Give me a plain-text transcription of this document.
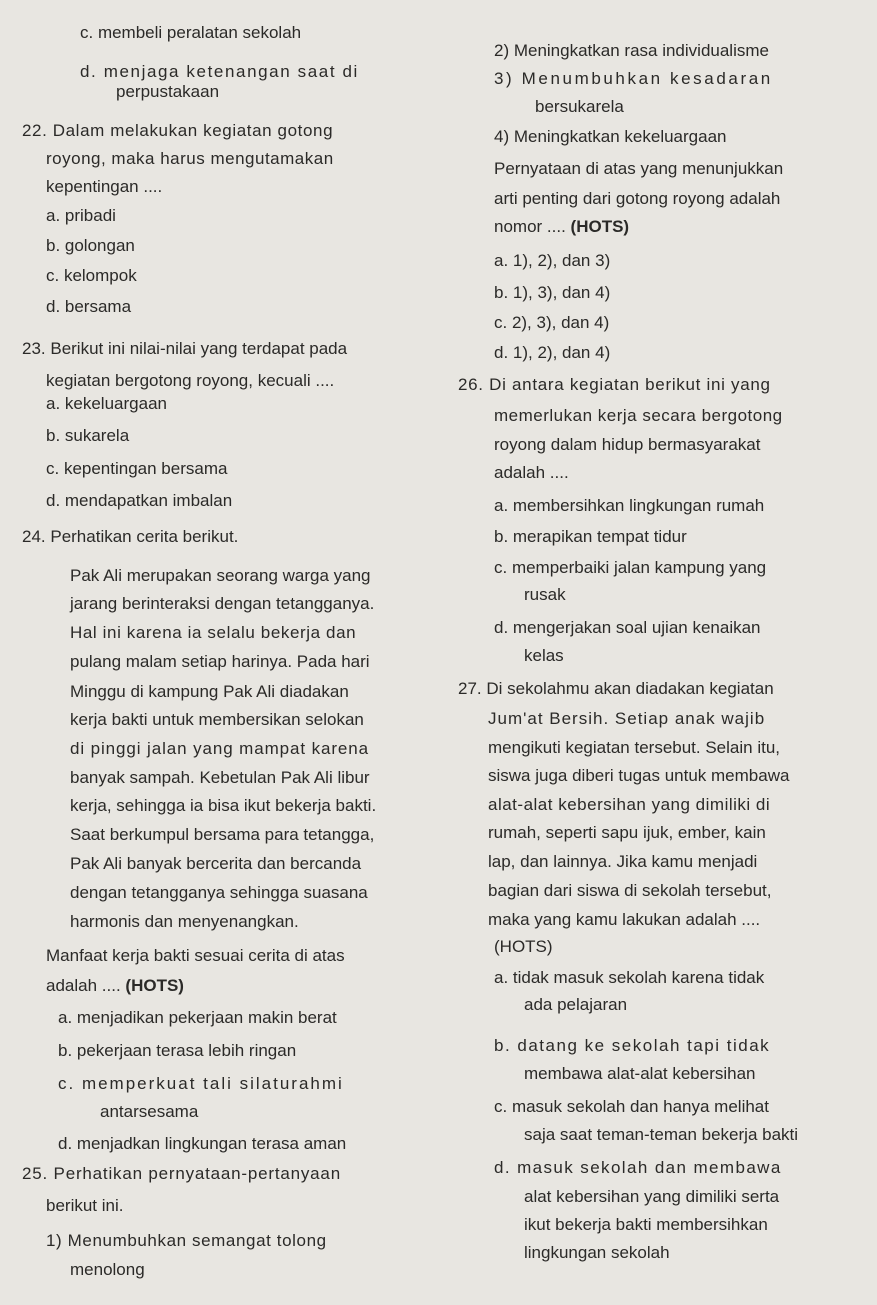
c. membeli peralatan sekolah
d. menjaga ketenangan saat di
perpustakaan
22. Dalam melakukan kegiatan gotong
royong, maka harus mengutamakan
kepentingan ....
a. pribadi
b. golongan
c. kelompok
d. bersama
23. Berikut ini nilai-nilai yang terdapat pada
kegiatan bergotong royong, kecuali ....
a. kekeluargaan
b. sukarela
c. kepentingan bersama
d. mendapatkan imbalan
24. Perhatikan cerita berikut.
Pak Ali merupakan seorang warga yang
jarang berinteraksi dengan tetangganya.
Hal ini karena ia selalu bekerja dan
pulang malam setiap harinya. Pada hari
Minggu di kampung Pak Ali diadakan
kerja bakti untuk membersikan selokan
di pinggi jalan yang mampat karena
banyak sampah. Kebetulan Pak Ali libur
kerja, sehingga ia bisa ikut bekerja bakti.
Saat berkumpul bersama para tetangga,
Pak Ali banyak bercerita dan bercanda
dengan tetangganya sehingga suasana
harmonis dan menyenangkan.
Manfaat kerja bakti sesuai cerita di atas
adalah .... (HOTS)
a. menjadikan pekerjaan makin berat
b. pekerjaan terasa lebih ringan
c. memperkuat tali silaturahmi
antarsesama
d. menjadkan lingkungan terasa aman
25. Perhatikan pernyataan-pertanyaan
berikut ini.
1) Menumbuhkan semangat tolong
menolong
2) Meningkatkan rasa individualisme
3) Menumbuhkan kesadaran
bersukarela
4) Meningkatkan kekeluargaan
Pernyataan di atas yang menunjukkan
arti penting dari gotong royong adalah
nomor .... (HOTS)
a. 1), 2), dan 3)
b. 1), 3), dan 4)
c. 2), 3), dan 4)
d. 1), 2), dan 4)
26. Di antara kegiatan berikut ini yang
memerlukan kerja secara bergotong
royong dalam hidup bermasyarakat
adalah ....
a. membersihkan lingkungan rumah
b. merapikan tempat tidur
c. memperbaiki jalan kampung yang
rusak
d. mengerjakan soal ujian kenaikan
kelas
27. Di sekolahmu akan diadakan kegiatan
Jum'at Bersih. Setiap anak wajib
mengikuti kegiatan tersebut. Selain itu,
siswa juga diberi tugas untuk membawa
alat-alat kebersihan yang dimiliki di
rumah, seperti sapu ijuk, ember, kain
lap, dan lainnya. Jika kamu menjadi
bagian dari siswa di sekolah tersebut,
maka yang kamu lakukan adalah ....
(HOTS)
a. tidak masuk sekolah karena tidak
ada pelajaran
b. datang ke sekolah tapi tidak
membawa alat-alat kebersihan
c. masuk sekolah dan hanya melihat
saja saat teman-teman bekerja bakti
d. masuk sekolah dan membawa
alat kebersihan yang dimiliki serta
ikut bekerja bakti membersihkan
lingkungan sekolah
